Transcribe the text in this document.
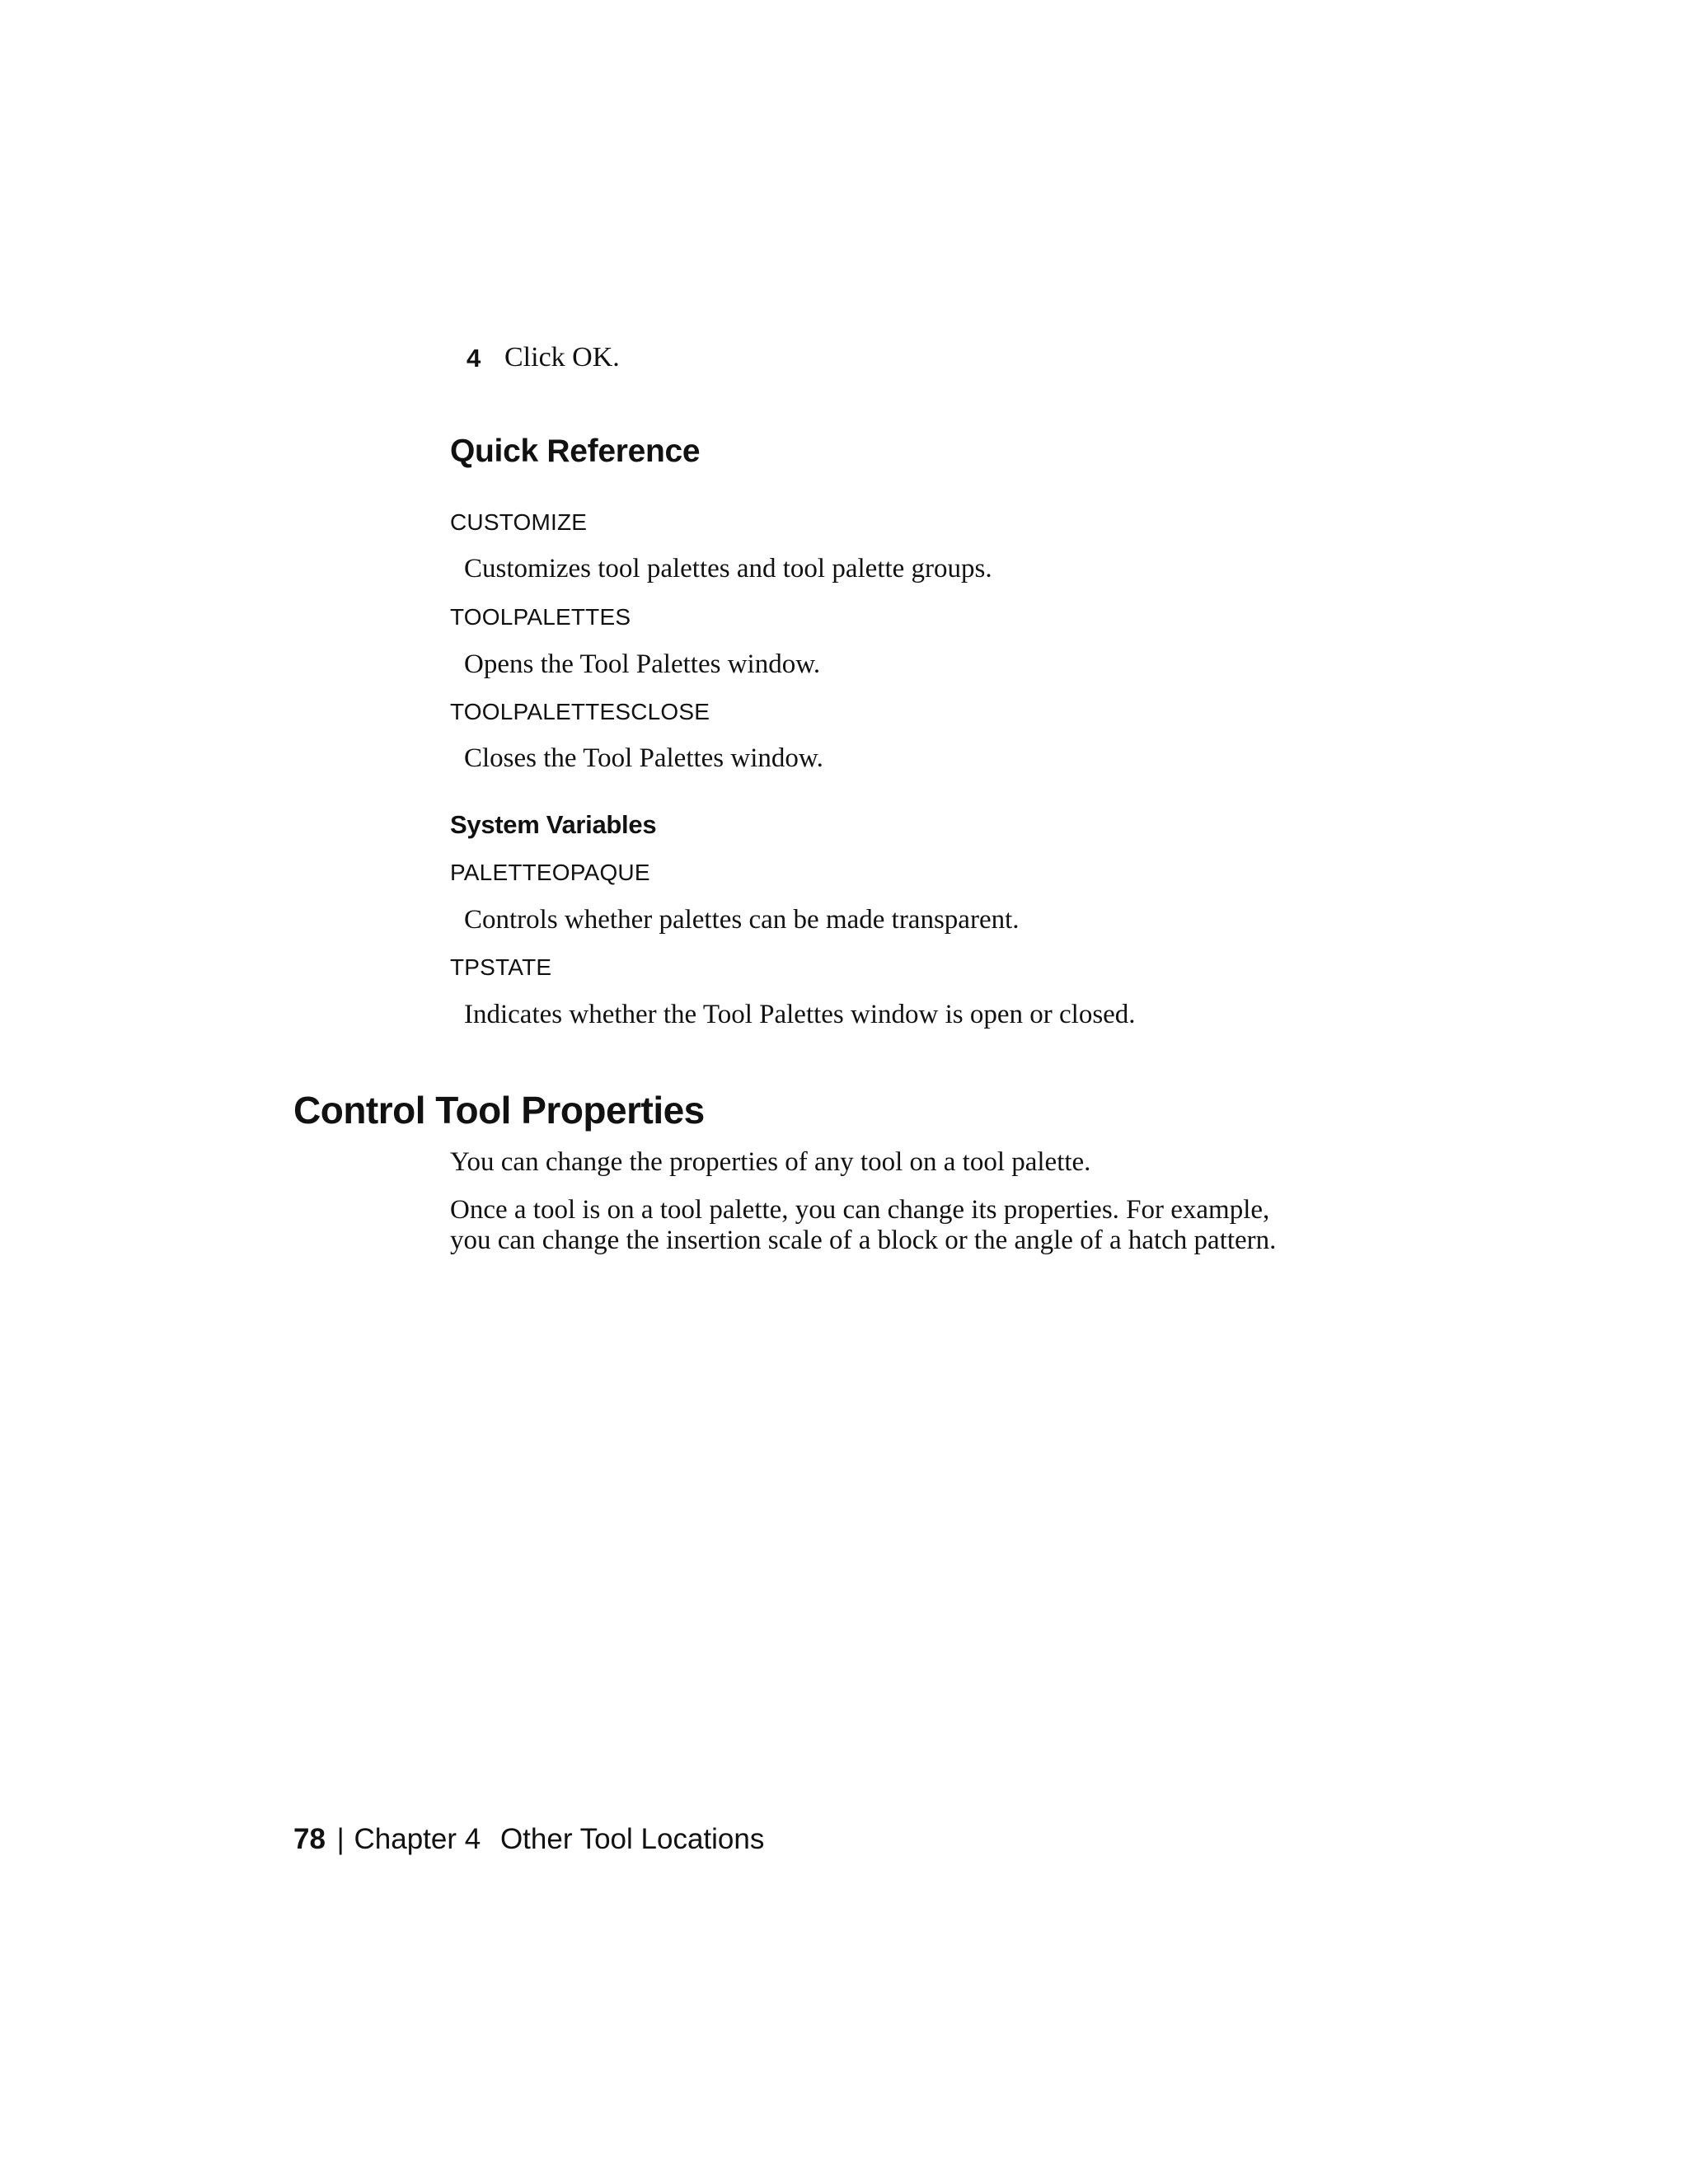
4 Click OK.
Quick Reference
CUSTOMIZE
Customizes tool palettes and tool palette groups.
TOOLPALETTES
Opens the Tool Palettes window.
TOOLPALETTESCLOSE
Closes the Tool Palettes window.
System Variables
PALETTEOPAQUE
Controls whether palettes can be made transparent.
TPSTATE
Indicates whether the Tool Palettes window is open or closed.
Control Tool Properties
You can change the properties of any tool on a tool palette.
Once a tool is on a tool palette, you can change its properties. For example,
you can change the insertion scale of a block or the angle of a hatch pattern.
78 | Chapter 4 Other Tool Locations
